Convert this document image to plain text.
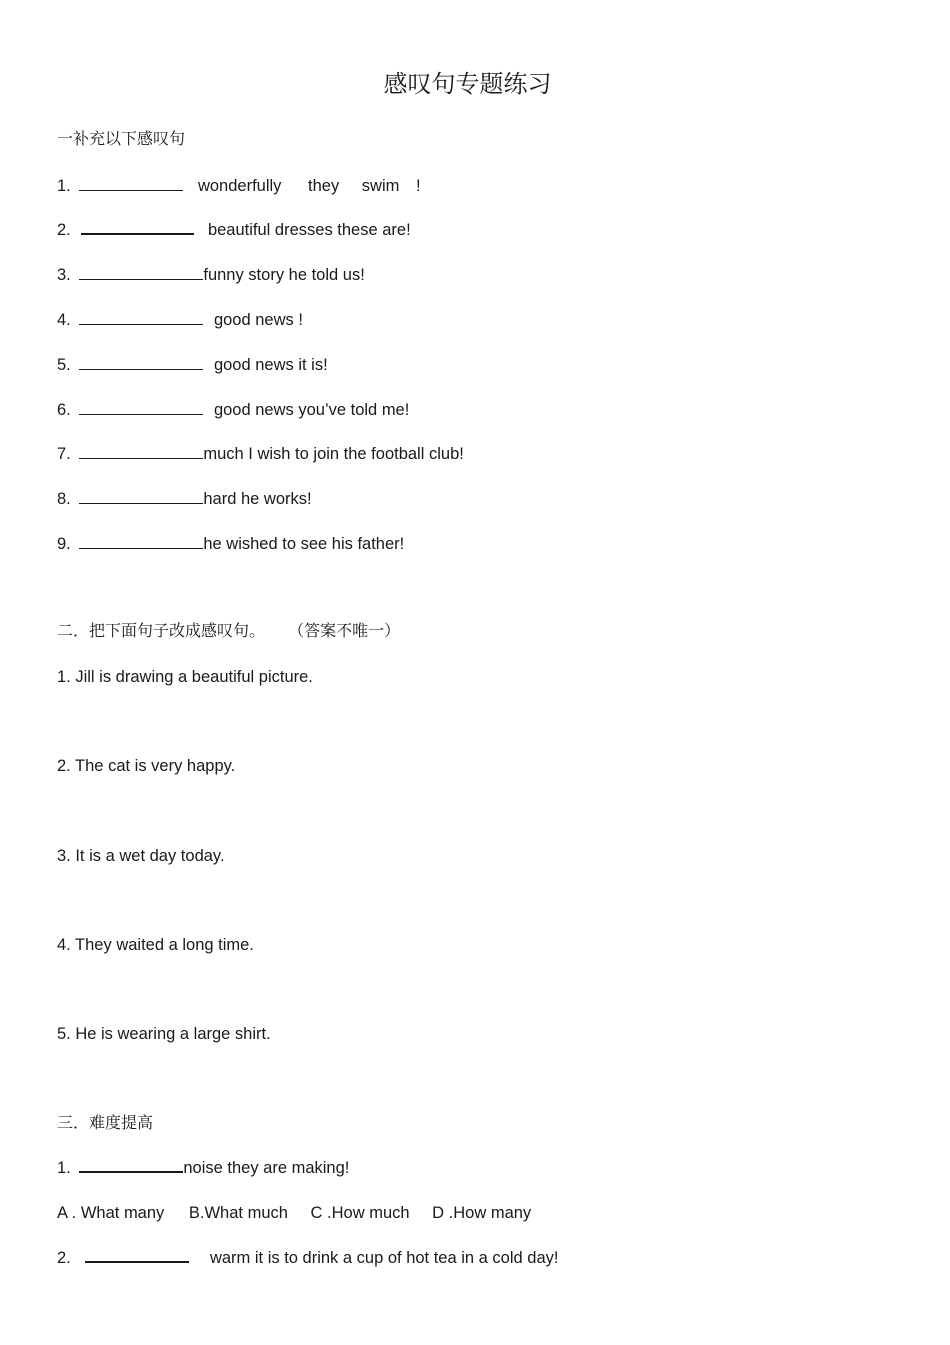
感叹句专题练习
一补充以下感叹句
1.	wonderfully they swim !
2.	beautiful dresses these are!
3.	funny story he told us!
4.	good news !
5.	good news it is!
6.	good news you’ve told me!
7.	much I wish to join the football club!
8.	hard he works!
9.	he wished to see his father!
二．把下面句子改成感叹句。 （答案不唯一）
1. Jill is drawing a beautiful picture.
2. The cat is very happy.
3. It is a wet day today.
4. They waited a long time.
5. He is wearing a large shirt.
三．难度提高
1.	noise they are making!
A . What many B.What much C .How much D .How many
2.	warm it is to drink a cup of hot tea in a cold day!
